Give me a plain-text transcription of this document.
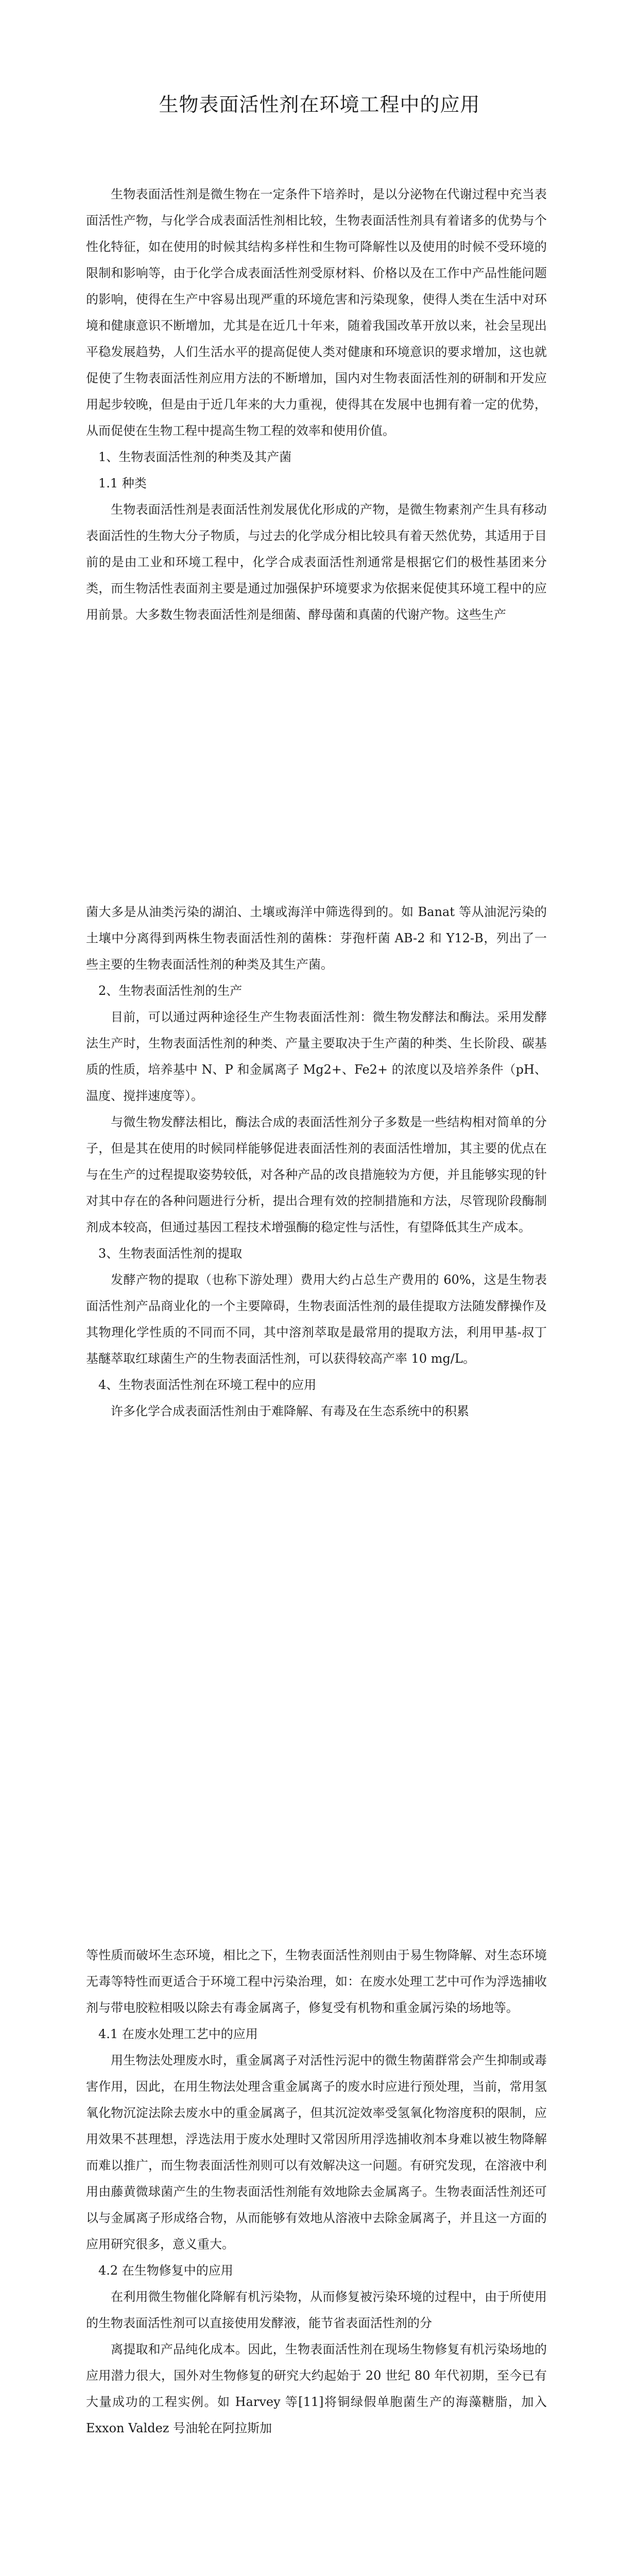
生物表面活性剂在环境工程中的应用

生物表面活性剂是微生物在一定条件下培养时，是以分泌物在代谢过程中充当表面活性产物，与化学合成表面活性剂相比较，生物表面活性剂具有着诸多的优势与个性化特征，如在使用的时候其结构多样性和生物可降解性以及使用的时候不受环境的限制和影响等，由于化学合成表面活性剂受原材料、价格以及在工作中产品性能问题的影响，使得在生产中容易出现严重的环境危害和污染现象，使得人类在生活中对环境和健康意识不断增加，尤其是在近几十年来，随着我国改革开放以来，社会呈现出平稳发展趋势，人们生活水平的提高促使人类对健康和环境意识的要求增加，这也就促使了生物表面活性剂应用方法的不断增加，国内对生物表面活性剂的研制和开发应用起步较晚，但是由于近几年来的大力重视，使得其在发展中也拥有着一定的优势，从而促使在生物工程中提高生物工程的效率和使用价值。

1、生物表面活性剂的种类及其产菌

1.1 种类

生物表面活性剂是表面活性剂发展优化形成的产物，是微生物素剂产生具有移动表面活性的生物大分子物质，与过去的化学成分相比较具有着天然优势，其适用于目前的是由工业和环境工程中，化学合成表面活性剂通常是根据它们的极性基团来分类，而生物活性表面剂主要是通过加强保护环境要求为依据来促使其环境工程中的应用前景。大多数生物表面活性剂是细菌、酵母菌和真菌的代谢产物。这些生产

菌大多是从油类污染的湖泊、土壤或海洋中筛选得到的。如 Banat 等从油泥污染的土壤中分离得到两株生物表面活性剂的菌株：芽孢杆菌 AB-2 和 Y12-B，列出了一些主要的生物表面活性剂的种类及其生产菌。

2、生物表面活性剂的生产

目前，可以通过两种途径生产生物表面活性剂：微生物发酵法和酶法。采用发酵法生产时，生物表面活性剂的种类、产量主要取决于生产菌的种类、生长阶段、碳基质的性质，培养基中 N、P 和金属离子 Mg2+、Fe2+ 的浓度以及培养条件（pH、温度、搅拌速度等）。

与微生物发酵法相比，酶法合成的表面活性剂分子多数是一些结构相对简单的分子，但是其在使用的时候同样能够促进表面活性剂的表面活性增加，其主要的优点在与在生产的过程提取姿势较低，对各种产品的改良措施较为方便，并且能够实现的针对其中存在的各种问题进行分析，提出合理有效的控制措施和方法，尽管现阶段酶制剂成本较高，但通过基因工程技术增强酶的稳定性与活性，有望降低其生产成本。

3、生物表面活性剂的提取

发酵产物的提取（也称下游处理）费用大约占总生产费用的 60%，这是生物表面活性剂产品商业化的一个主要障碍，生物表面活性剂的最佳提取方法随发酵操作及其物理化学性质的不同而不同，其中溶剂萃取是最常用的提取方法，利用甲基-叔丁基醚萃取红球菌生产的生物表面活性剂，可以获得较高产率 10 mg/L。

4、生物表面活性剂在环境工程中的应用

许多化学合成表面活性剂由于难降解、有毒及在生态系统中的积累

等性质而破坏生态环境，相比之下，生物表面活性剂则由于易生物降解、对生态环境无毒等特性而更适合于环境工程中污染治理，如：在废水处理工艺中可作为浮选捕收剂与带电胶粒相吸以除去有毒金属离子，修复受有机物和重金属污染的场地等。

4.1 在废水处理工艺中的应用

用生物法处理废水时，重金属离子对活性污泥中的微生物菌群常会产生抑制或毒害作用，因此，在用生物法处理含重金属离子的废水时应进行预处理，当前，常用氢氧化物沉淀法除去废水中的重金属离子，但其沉淀效率受氢氧化物溶度积的限制，应用效果不甚理想，浮选法用于废水处理时又常因所用浮选捕收剂本身难以被生物降解而难以推广，而生物表面活性剂则可以有效解决这一问题。有研究发现，在溶液中利用由藤黄微球菌产生的生物表面活性剂能有效地除去金属离子。生物表面活性剂还可以与金属离子形成络合物，从而能够有效地从溶液中去除金属离子，并且这一方面的应用研究很多，意义重大。

4.2 在生物修复中的应用

在利用微生物催化降解有机污染物，从而修复被污染环境的过程中，由于所使用的生物表面活性剂可以直接使用发酵液，能节省表面活性剂的分

离提取和产品纯化成本。因此，生物表面活性剂在现场生物修复有机污染场地的应用潜力很大，国外对生物修复的研究大约起始于 20 世纪 80 年代初期，至今已有大量成功的工程实例。如 Harvey 等[11]将铜绿假单胞菌生产的海藻糖脂，加入 Exxon Valdez 号油轮在阿拉斯加
